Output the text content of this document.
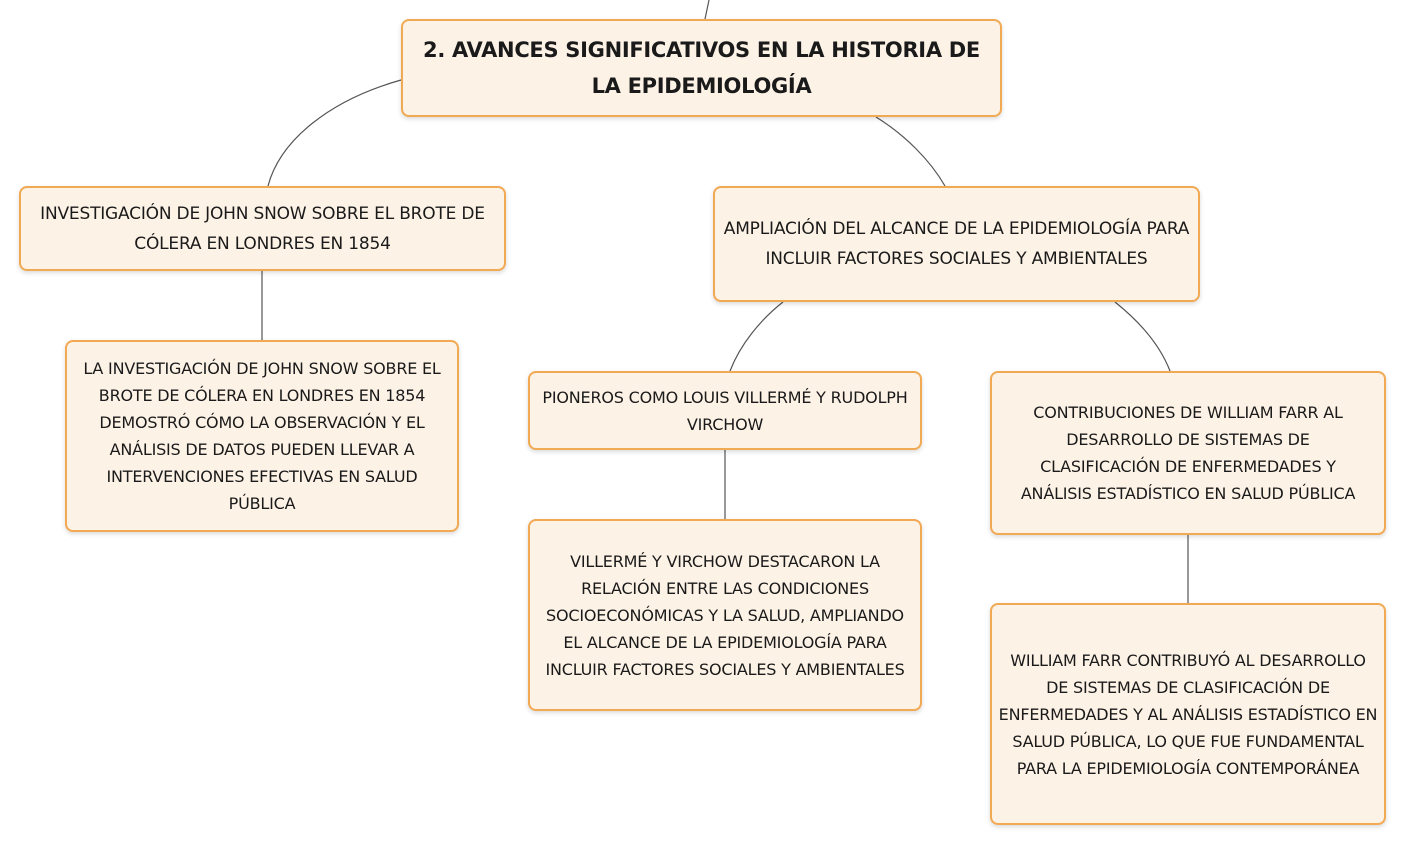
2. AVANCES SIGNIFICATIVOS EN LA HISTORIA DE LA EPIDEMIOLOGÍA
INVESTIGACIÓN DE JOHN SNOW SOBRE EL BROTE DE CÓLERA EN LONDRES EN 1854
AMPLIACIÓN DEL ALCANCE DE LA EPIDEMIOLOGÍA PARA INCLUIR FACTORES SOCIALES Y AMBIENTALES
LA INVESTIGACIÓN DE JOHN SNOW SOBRE EL BROTE DE CÓLERA EN LONDRES EN 1854 DEMOSTRÓ CÓMO LA OBSERVACIÓN Y EL ANÁLISIS DE DATOS PUEDEN LLEVAR A INTERVENCIONES EFECTIVAS EN SALUD PÚBLICA
PIONEROS COMO LOUIS VILLERMÉ Y RUDOLPH VIRCHOW
CONTRIBUCIONES DE WILLIAM FARR AL DESARROLLO DE SISTEMAS DE CLASIFICACIÓN DE ENFERMEDADES Y ANÁLISIS ESTADÍSTICO EN SALUD PÚBLICA
VILLERMÉ Y VIRCHOW DESTACARON LA RELACIÓN ENTRE LAS CONDICIONES SOCIOECONÓMICAS Y LA SALUD, AMPLIANDO EL ALCANCE DE LA EPIDEMIOLOGÍA PARA INCLUIR FACTORES SOCIALES Y AMBIENTALES	WILLIAM FARR CONTRIBUYÓ AL DESARROLLO DE SISTEMAS DE CLASIFICACIÓN DE ENFERMEDADES Y AL ANÁLISIS ESTADÍSTICO EN SALUD PÚBLICA, LO QUE FUE FUNDAMENTAL PARA LA EPIDEMIOLOGÍA CONTEMPORÁNEA
